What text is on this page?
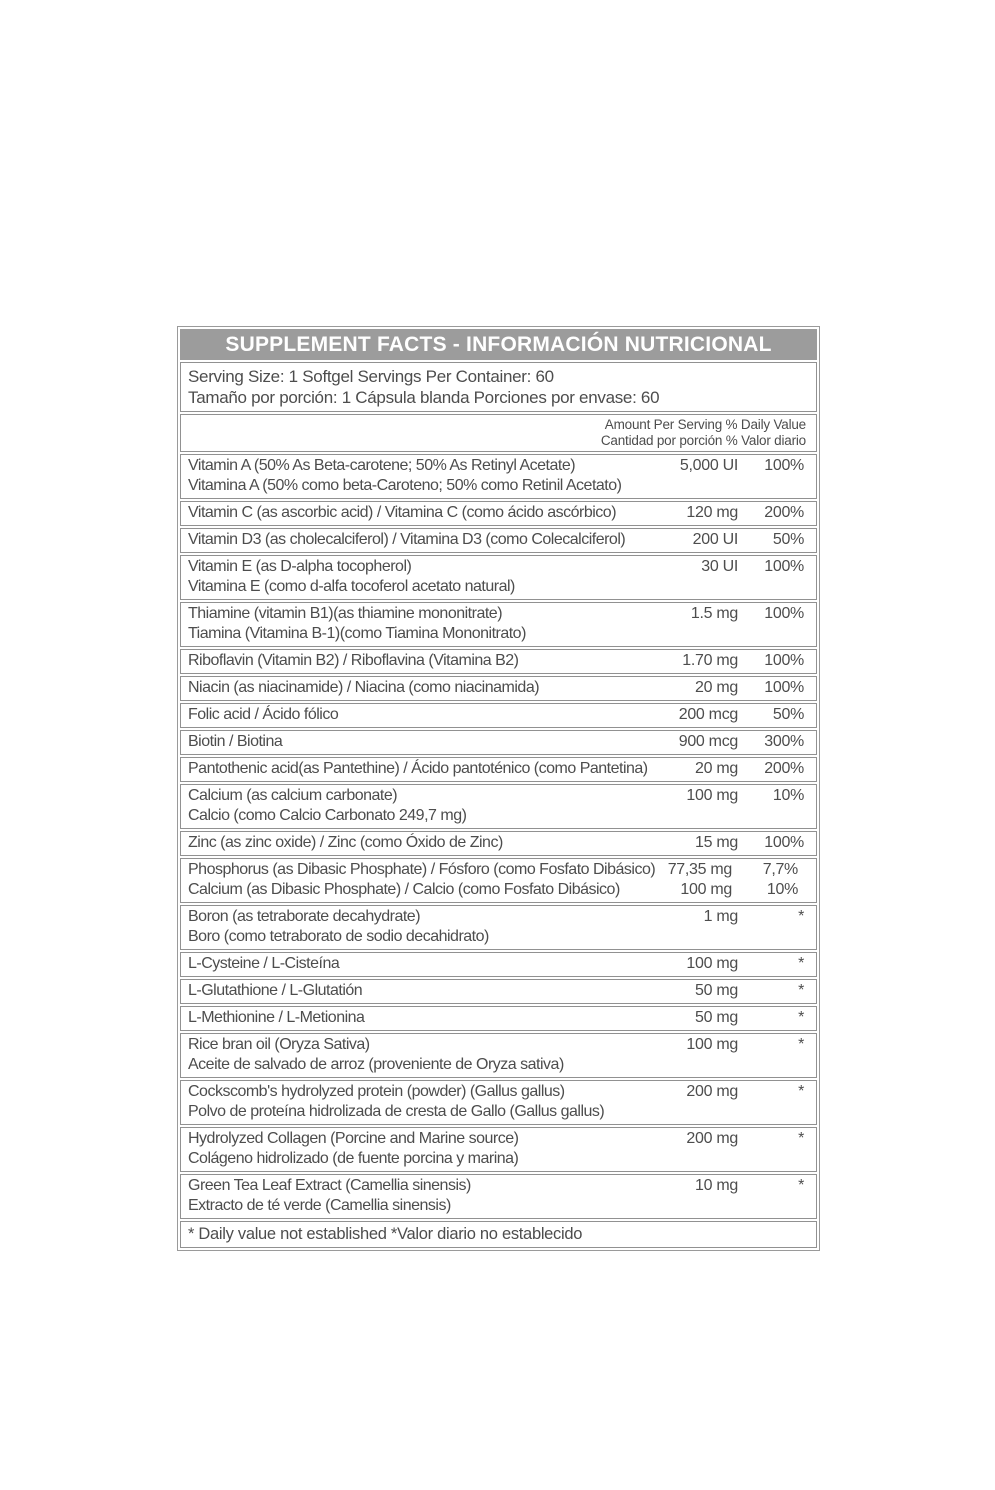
SUPPLEMENT FACTS - INFORMACIÓN NUTRICIONAL
Serving Size: 1 Softgel Servings Per Container: 60
Tamaño por porción: 1 Cápsula blanda Porciones por envase: 60
Amount Per Serving % Daily Value
Cantidad por porción % Valor diario
Vitamin A (50% As Beta-carotene; 50% As Retinyl Acetate)
Vitamina A (50% como beta-Caroteno; 50% como Retinil Acetato)
5,000 UI	100%
Vitamin C (as ascorbic acid) / Vitamina C (como ácido ascórbico)	120 mg	200%
Vitamin D3 (as cholecalciferol) / Vitamina D3 (como Colecalciferol)	200 UI	50%
Vitamin E (as D-alpha tocopherol)
Vitamina E (como d-alfa tocoferol acetato natural)
30 UI	100%
Thiamine (vitamin B1)(as thiamine mononitrate)
Tiamina (Vitamina B-1)(como Tiamina Mononitrato)
1.5 mg	100%
Riboflavin (Vitamin B2) / Riboflavina (Vitamina B2)	1.70 mg	100%
Niacin (as niacinamide) / Niacina (como niacinamida)	20 mg	100%
Folic acid / Ácido fólico	200 mcg	50%
Biotin / Biotina	900 mcg	300%
Pantothenic acid(as Pantethine) / Ácido pantoténico (como Pantetina)	20 mg	200%
Calcium (as calcium carbonate)
Calcio (como Calcio Carbonato 249,7 mg)
100 mg	10%
Zinc (as zinc oxide) / Zinc (como Óxido de Zinc)	15 mg	100%
Phosphorus (as Dibasic Phosphate) / Fósforo (como Fosfato Dibásico) 77,35 mg	7,7%
Calcium (as Dibasic Phosphate) / Calcio (como Fosfato Dibásico)	100 mg	10%
Boron (as tetraborate decahydrate)
Boro (como tetraborato de sodio decahidrato)
1 mg	*
L-Cysteine / L-Cisteína	100 mg	*
L-Glutathione / L-Glutatión	50 mg	*
L-Methionine / L-Metionina	50 mg	*
Rice bran oil (Oryza Sativa)
Aceite de salvado de arroz (proveniente de Oryza sativa)
100 mg	*
Cockscomb's hydrolyzed protein (powder) (Gallus gallus)
Polvo de proteína hidrolizada de cresta de Gallo (Gallus gallus)
200 mg	*
Hydrolyzed Collagen (Porcine and Marine source)
Colágeno hidrolizado (de fuente porcina y marina)
200 mg	*
Green Tea Leaf Extract (Camellia sinensis)
Extracto de té verde (Camellia sinensis)
10 mg	*
* Daily value not established *Valor diario no establecido
